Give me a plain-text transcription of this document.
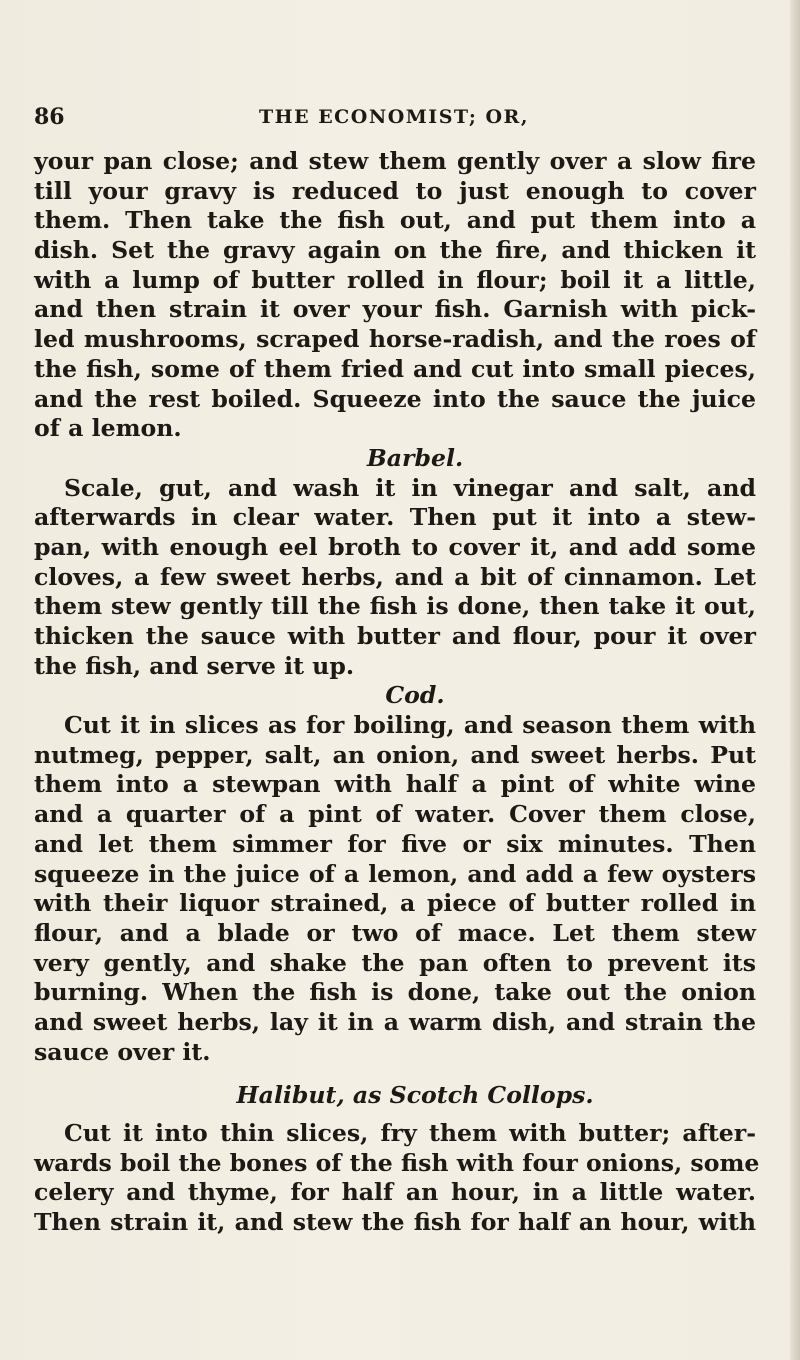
86	THE ECONOMIST; OR,
your pan close; and stew them gently over a slow fire
till your gravy is reduced to just enough to cover
them. Then take the fish out, and put them into a
dish. Set the gravy again on the fire, and thicken it
with a lump of butter rolled in flour; boil it a little,
and then strain it over your fish. Garnish with pick-
led mushrooms, scraped horse-radish, and the roes of
the fish, some of them fried and cut into small pieces,
and the rest boiled. Squeeze into the sauce the juice
of a lemon.
Barbel.
Scale, gut, and wash it in vinegar and salt, and
afterwards in clear water. Then put it into a stew-
pan, with enough eel broth to cover it, and add some
cloves, a few sweet herbs, and a bit of cinnamon. Let
them stew gently till the fish is done, then take it out,
thicken the sauce with butter and flour, pour it over
the fish, and serve it up.
Cod.
Cut it in slices as for boiling, and season them with
nutmeg, pepper, salt, an onion, and sweet herbs. Put
them into a stewpan with half a pint of white wine
and a quarter of a pint of water. Cover them close,
and let them simmer for five or six minutes. Then
squeeze in the juice of a lemon, and add a few oysters
with their liquor strained, a piece of butter rolled in
flour, and a blade or two of mace. Let them stew
very gently, and shake the pan often to prevent its
burning. When the fish is done, take out the onion
and sweet herbs, lay it in a warm dish, and strain the
sauce over it.
Halibut, as Scotch Collops.
Cut it into thin slices, fry them with butter; after-
wards boil the bones of the fish with four onions, some
celery and thyme, for half an hour, in a little water.
Then strain it, and stew the fish for half an hour, with
